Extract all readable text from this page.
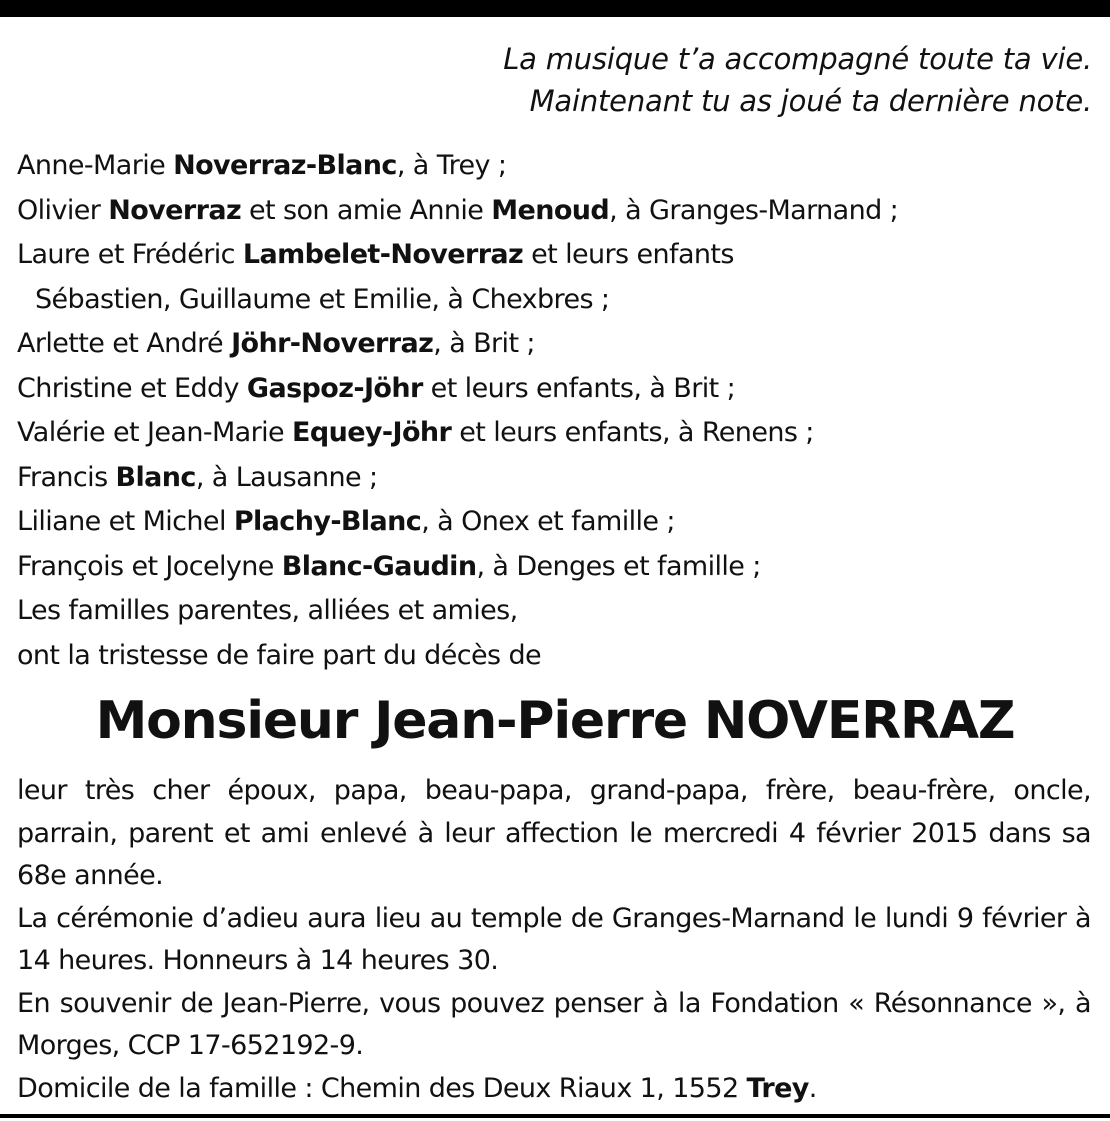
La musique t’a accompagné toute ta vie.
Maintenant tu as joué ta dernière note.
Anne-Marie Noverraz-Blanc, à Trey ;
Olivier Noverraz et son amie Annie Menoud, à Granges-Marnand ;
Laure et Frédéric Lambelet-Noverraz et leurs enfants
Sébastien, Guillaume et Emilie, à Chexbres ;
Arlette et André Jöhr-Noverraz, à Brit ;
Christine et Eddy Gaspoz-Jöhr et leurs enfants, à Brit ;
Valérie et Jean-Marie Equey-Jöhr et leurs enfants, à Renens ;
Francis Blanc, à Lausanne ;
Liliane et Michel Plachy-Blanc, à Onex et famille ;
François et Jocelyne Blanc-Gaudin, à Denges et famille ;
Les familles parentes, alliées et amies,
ont la tristesse de faire part du décès de
Monsieur Jean-Pierre NOVERRAZ
leur très cher époux, papa, beau-papa, grand-papa, frère, beau-frère, oncle, parrain, parent et ami enlevé à leur affection le mercredi 4 février 2015 dans sa 68e année.
La cérémonie d’adieu aura lieu au temple de Granges-Marnand le lundi 9 février à 14 heures. Honneurs à 14 heures 30.
En souvenir de Jean-Pierre, vous pouvez penser à la Fondation « Résonnance », à Morges, CCP 17-652192-9.
Domicile de la famille : Chemin des Deux Riaux 1, 1552 Trey.
